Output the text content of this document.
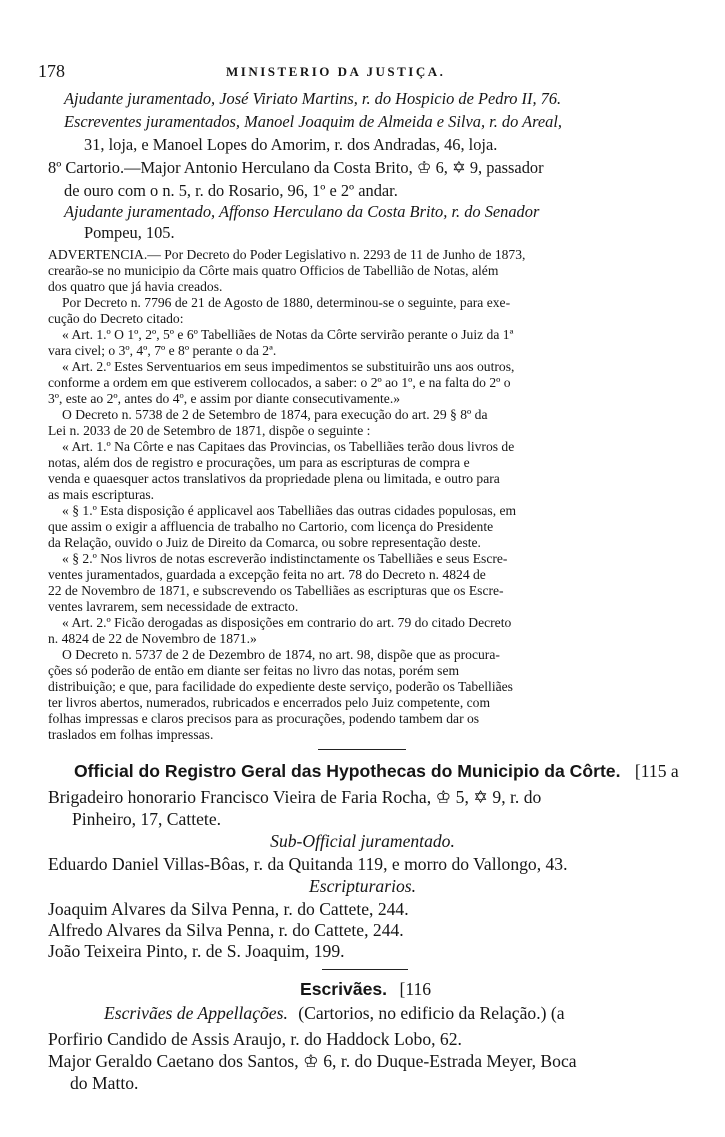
178	MINISTERIO DA JUSTIÇA.
Ajudante juramentado, José Viriato Martins, r. do Hospicio de Pedro II, 76.
Escreventes juramentados, Manoel Joaquim de Almeida e Silva, r. do Areal,
31, loja, e Manoel Lopes do Amorim, r. dos Andradas, 46, loja.
8º Cartorio.—Major Antonio Herculano da Costa Brito, ♔ 6, ✡ 9, passador
de ouro com o n. 5, r. do Rosario, 96, 1º e 2º andar.
Ajudante juramentado, Affonso Herculano da Costa Brito, r. do Senador
Pompeu, 105.
ADVERTENCIA.— Por Decreto do Poder Legislativo n. 2293 de 11 de Junho de 1873,
crearão-se no municipio da Côrte mais quatro Officios de Tabellião de Notas, além
dos quatro que já havia creados.
Por Decreto n. 7796 de 21 de Agosto de 1880, determinou-se o seguinte, para exe-
cução do Decreto citado:
« Art. 1.º O 1º, 2º, 5º e 6º Tabelliães de Notas da Côrte servirão perante o Juiz da 1ª
vara civel; o 3º, 4º, 7º e 8º perante o da 2ª.
« Art. 2.º Estes Serventuarios em seus impedimentos se substituirão uns aos outros,
conforme a ordem em que estiverem collocados, a saber: o 2º ao 1º, e na falta do 2º o
3º, este ao 2º, antes do 4º, e assim por diante consecutivamente.»
O Decreto n. 5738 de 2 de Setembro de 1874, para execução do art. 29 § 8º da
Lei n. 2033 de 20 de Setembro de 1871, dispõe o seguinte :
« Art. 1.º Na Côrte e nas Capitaes das Provincias, os Tabelliães terão dous livros de
notas, além dos de registro e procurações, um para as escripturas de compra e
venda e quaesquer actos translativos da propriedade plena ou limitada, e outro para
as mais escripturas.
« § 1.º Esta disposição é applicavel aos Tabelliães das outras cidades populosas, em
que assim o exigir a affluencia de trabalho no Cartorio, com licença do Presidente
da Relação, ouvido o Juiz de Direito da Comarca, ou sobre representação deste.
« § 2.º Nos livros de notas escreverão indistinctamente os Tabelliães e seus Escre-
ventes juramentados, guardada a excepção feita no art. 78 do Decreto n. 4824 de
22 de Novembro de 1871, e subscrevendo os Tabelliães as escripturas que os Escre-
ventes lavrarem, sem necessidade de extracto.
« Art. 2.º Ficão derogadas as disposições em contrario do art. 79 do citado Decreto
n. 4824 de 22 de Novembro de 1871.»
O Decreto n. 5737 de 2 de Dezembro de 1874, no art. 98, dispõe que as procura-
ções só poderão de então em diante ser feitas no livro das notas, porém sem
distribuição; e que, para facilidade do expediente deste serviço, poderão os Tabelliães
ter livros abertos, numerados, rubricados e encerrados pelo Juiz competente, com
folhas impressas e claros precisos para as procurações, podendo tambem dar os
traslados em folhas impressas.
Official do Registro Geral das Hypothecas do Municipio da Côrte. [115 a
Brigadeiro honorario Francisco Vieira de Faria Rocha, ♔ 5, ✡ 9, r. do
Pinheiro, 17, Cattete.
Sub-Official juramentado.
Eduardo Daniel Villas-Bôas, r. da Quitanda 119, e morro do Vallongo, 43.
Escripturarios.
Joaquim Alvares da Silva Penna, r. do Cattete, 244.
Alfredo Alvares da Silva Penna, r. do Cattete, 244.
João Teixeira Pinto, r. de S. Joaquim, 199.
Escrivães. [116
Escrivães de Appellações. (Cartorios, no edificio da Relação.) (a
Porfirio Candido de Assis Araujo, r. do Haddock Lobo, 62.
Major Geraldo Caetano dos Santos, ♔ 6, r. do Duque-Estrada Meyer, Boca
do Matto.
